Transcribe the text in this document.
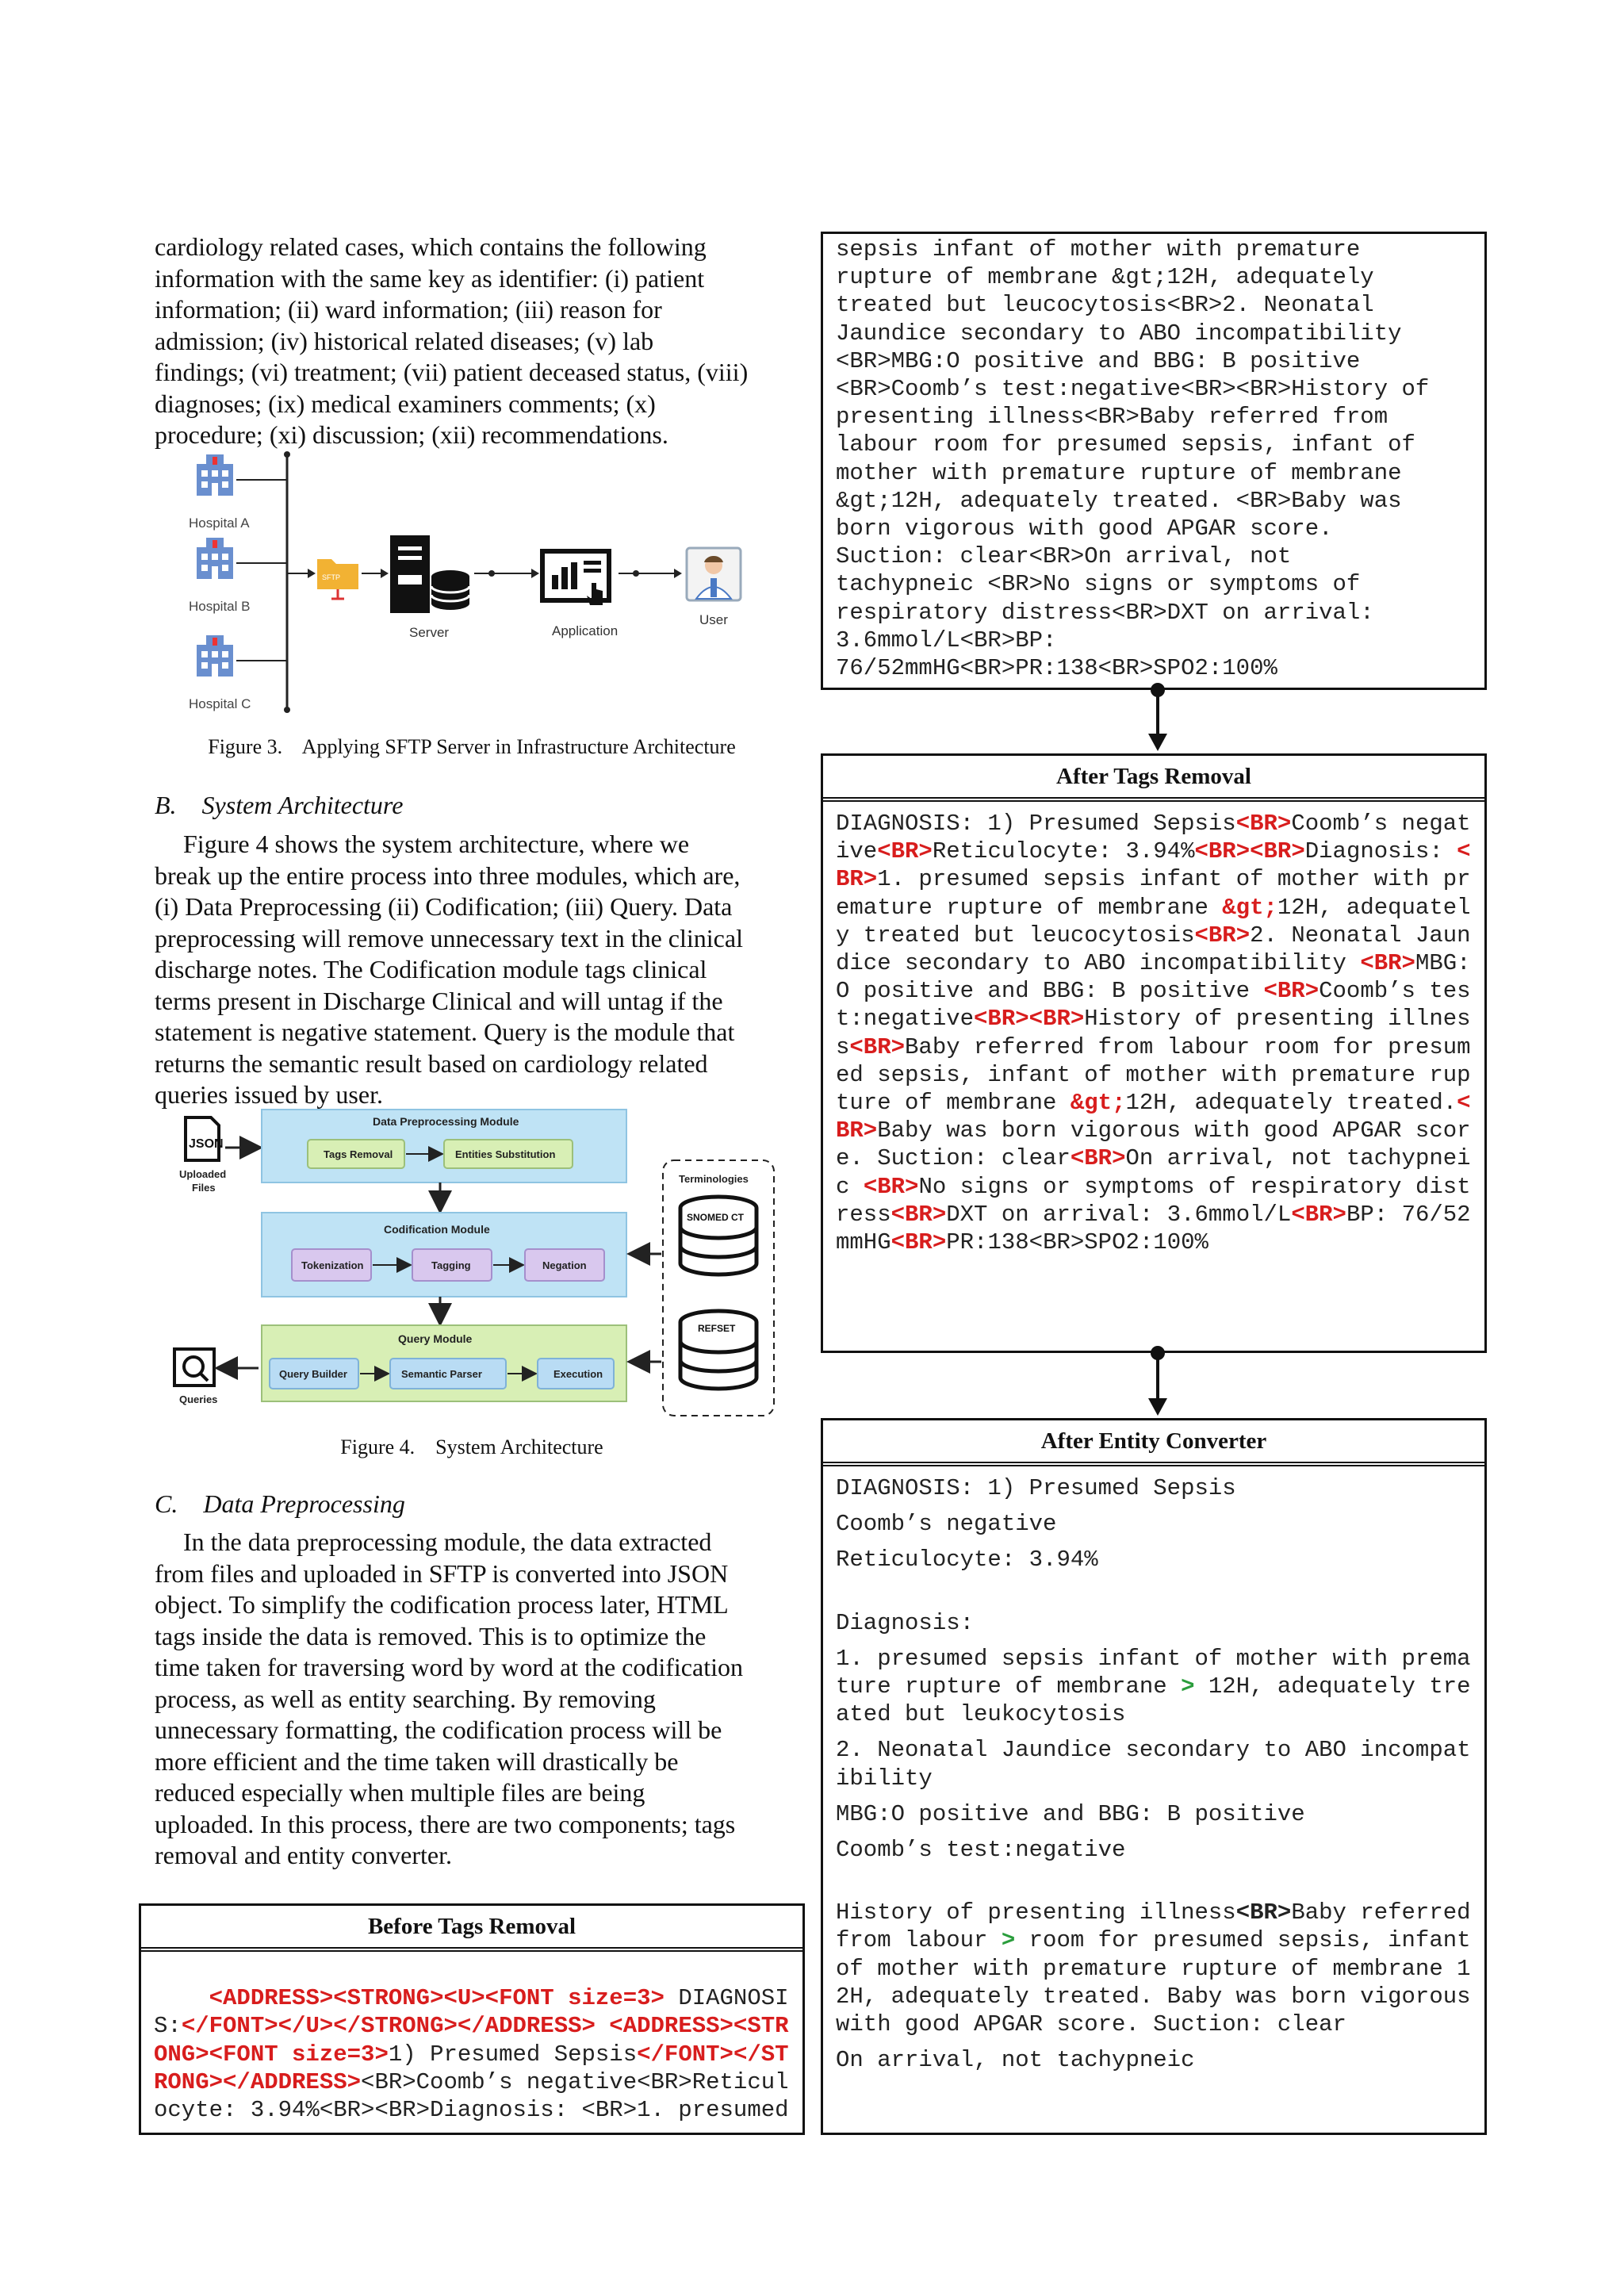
cardiology related cases, which contains the following

information with the same key as identifier: (i) patient

information; (ii) ward information; (iii) reason for

admission; (iv) historical related diseases; (v) lab

findings; (vi) treatment; (vii) patient deceased status, (viii)

diagnoses; (ix) medical examiners comments; (x)

procedure; (xi) discussion; (xii) recommendations.

Hospital A
Hospital B
Hospital C
SFTP
Server	Application
User
Figure 3.    Applying SFTP Server in Infrastructure Architecture
B.    System Architecture

Figure 4 shows the system architecture, where we

break up the entire process into three modules, which are,

(i) Data Preprocessing (ii) Codification; (iii) Query. Data

preprocessing will remove unnecessary text in the clinical

discharge notes. The Codification module tags clinical

terms present in Discharge Clinical and will untag if the

statement is negative statement. Query is the module that

returns the semantic result based on cardiology related

queries issued by user.

JSON
Uploaded
Files
Data Preprocessing Module
Tags Removal	Entities Substitution
Codification Module
Tokenization	Tagging	Negation
Query Module
Query Builder	Semantic Parser	Execution
Queries
Terminologies
SNOMED CT
REFSET
Figure 4.    System Architecture
C.    Data Preprocessing

In the data preprocessing module, the data extracted

from files and uploaded in SFTP is converted into JSON

object. To simplify the codification process later, HTML

tags inside the data is removed. This is to optimize the

time taken for traversing word by word at the codification

process, as well as entity searching. By removing

unnecessary formatting, the codification process will be

more efficient and the time taken will drastically be

reduced especially when multiple files are being

uploaded. In this process, there are two components; tags

removal and entity converter.

Before Tags Removal

<ADDRESS><STRONG><U><FONT size=3> DIAGNOSIS:</FONT></U></STRONG></ADDRESS> <ADDRESS><STRONG><FONT size=3>1) Presumed Sepsis</FONT></STRONG></ADDRESS><BR>Coomb’s negative<BR>Reticulocyte: 3.94%<BR><BR>Diagnosis: <BR>1. presumed

sepsis infant of mother with premature
rupture of membrane &gt;12H, adequately
treated but leucocytosis<BR>2. Neonatal
Jaundice secondary to ABO incompatibility
<BR>MBG:O positive and BBG: B positive
<BR>Coomb’s test:negative<BR><BR>History of
presenting illness<BR>Baby referred from
labour room for presumed sepsis, infant of
mother with premature rupture of membrane
&gt;12H, adequately treated. <BR>Baby was
born vigorous with good APGAR score.
Suction: clear<BR>On arrival, not
tachypneic <BR>No signs or symptoms of
respiratory distress<BR>DXT on arrival:
3.6mmol/L<BR>BP:
76/52mmHG<BR>PR:138<BR>SPO2:100%
After Tags Removal
DIAGNOSIS: 1) Presumed Sepsis<BR>Coomb’s negative<BR>Reticulocyte: 3.94%<BR><BR>Diagnosis: <BR>1. presumed sepsis infant of mother with premature rupture of membrane &gt;12H, adequately treated but leucocytosis<BR>2. Neonatal Jaundice secondary to ABO incompatibility <BR>MBG:O positive and BBG: B positive <BR>Coomb’s test:negative<BR><BR>History of presenting illness<BR>Baby referred from labour room for presumed sepsis, infant of mother with premature rupture of membrane &gt;12H, adequately treated.<BR>Baby was born vigorous with good APGAR score. Suction: clear<BR>On arrival, not tachypneic <BR>No signs or symptoms of respiratory distress<BR>DXT on arrival: 3.6mmol/L<BR>BP: 76/52mmHG<BR>PR:138<BR>SPO2:100%
After Entity Converter

DIAGNOSIS: 1) Presumed Sepsis

Coomb’s negative

Reticulocyte: 3.94%

Diagnosis:

1. presumed sepsis infant of mother with premature rupture of membrane > 12H, adequately treated but leukocytosis

2. Neonatal Jaundice secondary to ABO incompatibility

MBG:O positive and BBG: B positive

Coomb’s test:negative

History of presenting illness<BR>Baby referred from labour > room for presumed sepsis, infant of mother with premature rupture of membrane 12H, adequately treated. Baby was born vigorous with good APGAR score. Suction: clear

On arrival, not tachypneic
